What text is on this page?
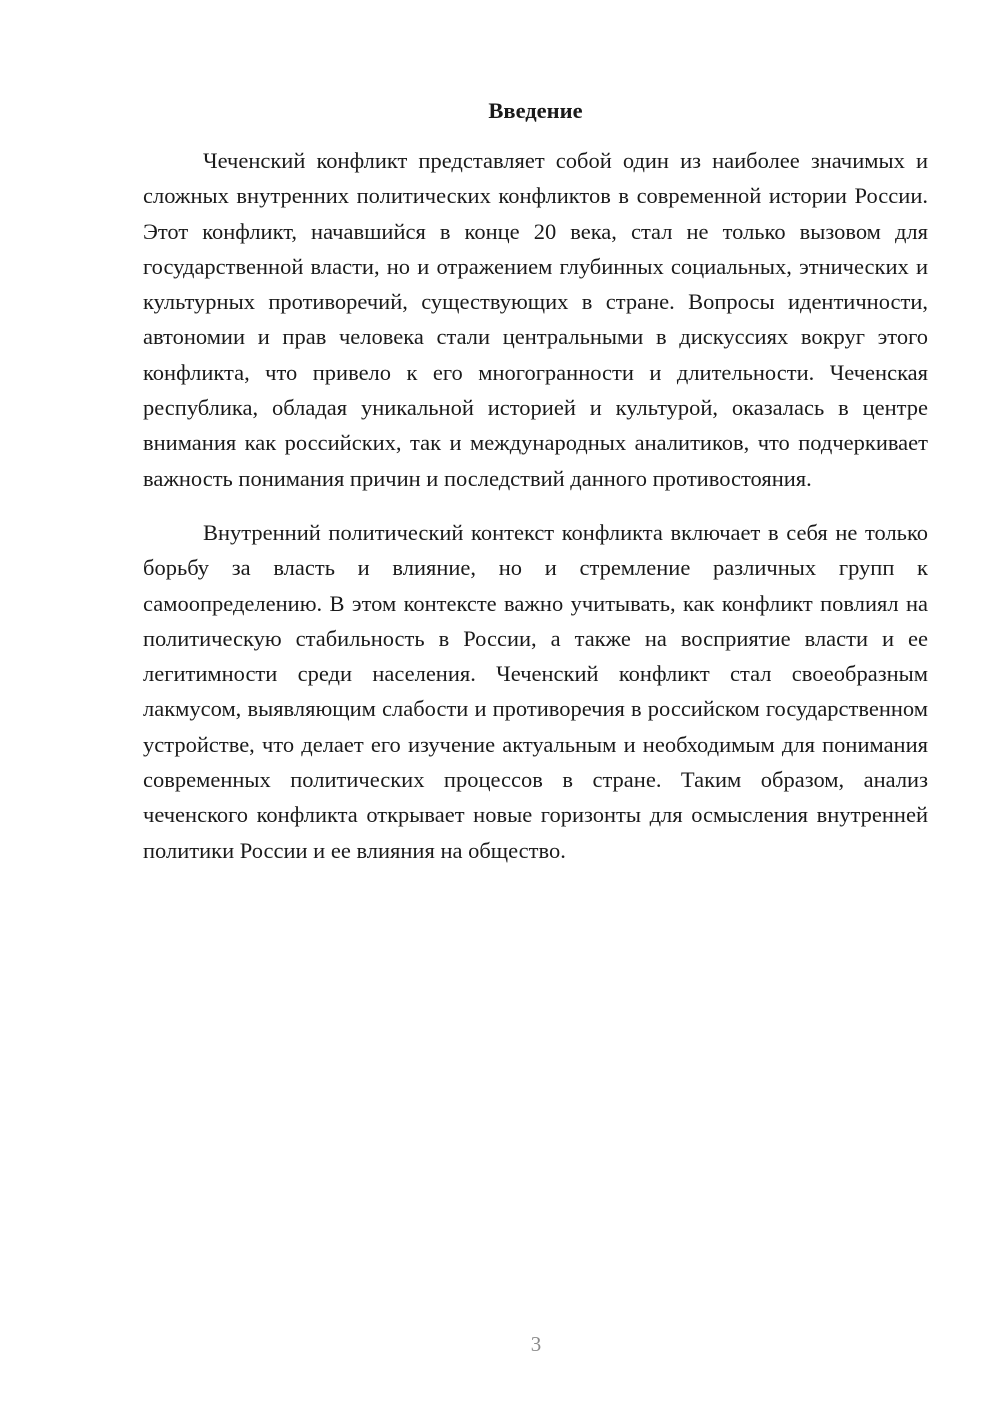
Введение

Чеченский конфликт представляет собой один из наиболее значимых и сложных внутренних политических конфликтов в современной истории России. Этот конфликт, начавшийся в конце 20 века, стал не только вызовом для государственной власти, но и отражением глубинных социальных, этнических и культурных противоречий, существующих в стране. Вопросы идентичности, автономии и прав человека стали центральными в дискуссиях вокруг этого конфликта, что привело к его многогранности и длительности. Чеченская республика, обладая уникальной историей и культурой, оказалась в центре внимания как российских, так и международных аналитиков, что подчеркивает важность понимания причин и последствий данного противостояния.

Внутренний политический контекст конфликта включает в себя не только борьбу за власть и влияние, но и стремление различных групп к самоопределению. В этом контексте важно учитывать, как конфликт повлиял на политическую стабильность в России, а также на восприятие власти и ее легитимности среди населения. Чеченский конфликт стал своеобразным лакмусом, выявляющим слабости и противоречия в российском государственном устройстве, что делает его изучение актуальным и необходимым для понимания современных политических процессов в стране. Таким образом, анализ чеченского конфликта открывает новые горизонты для осмысления внутренней политики России и ее влияния на общество.

3
